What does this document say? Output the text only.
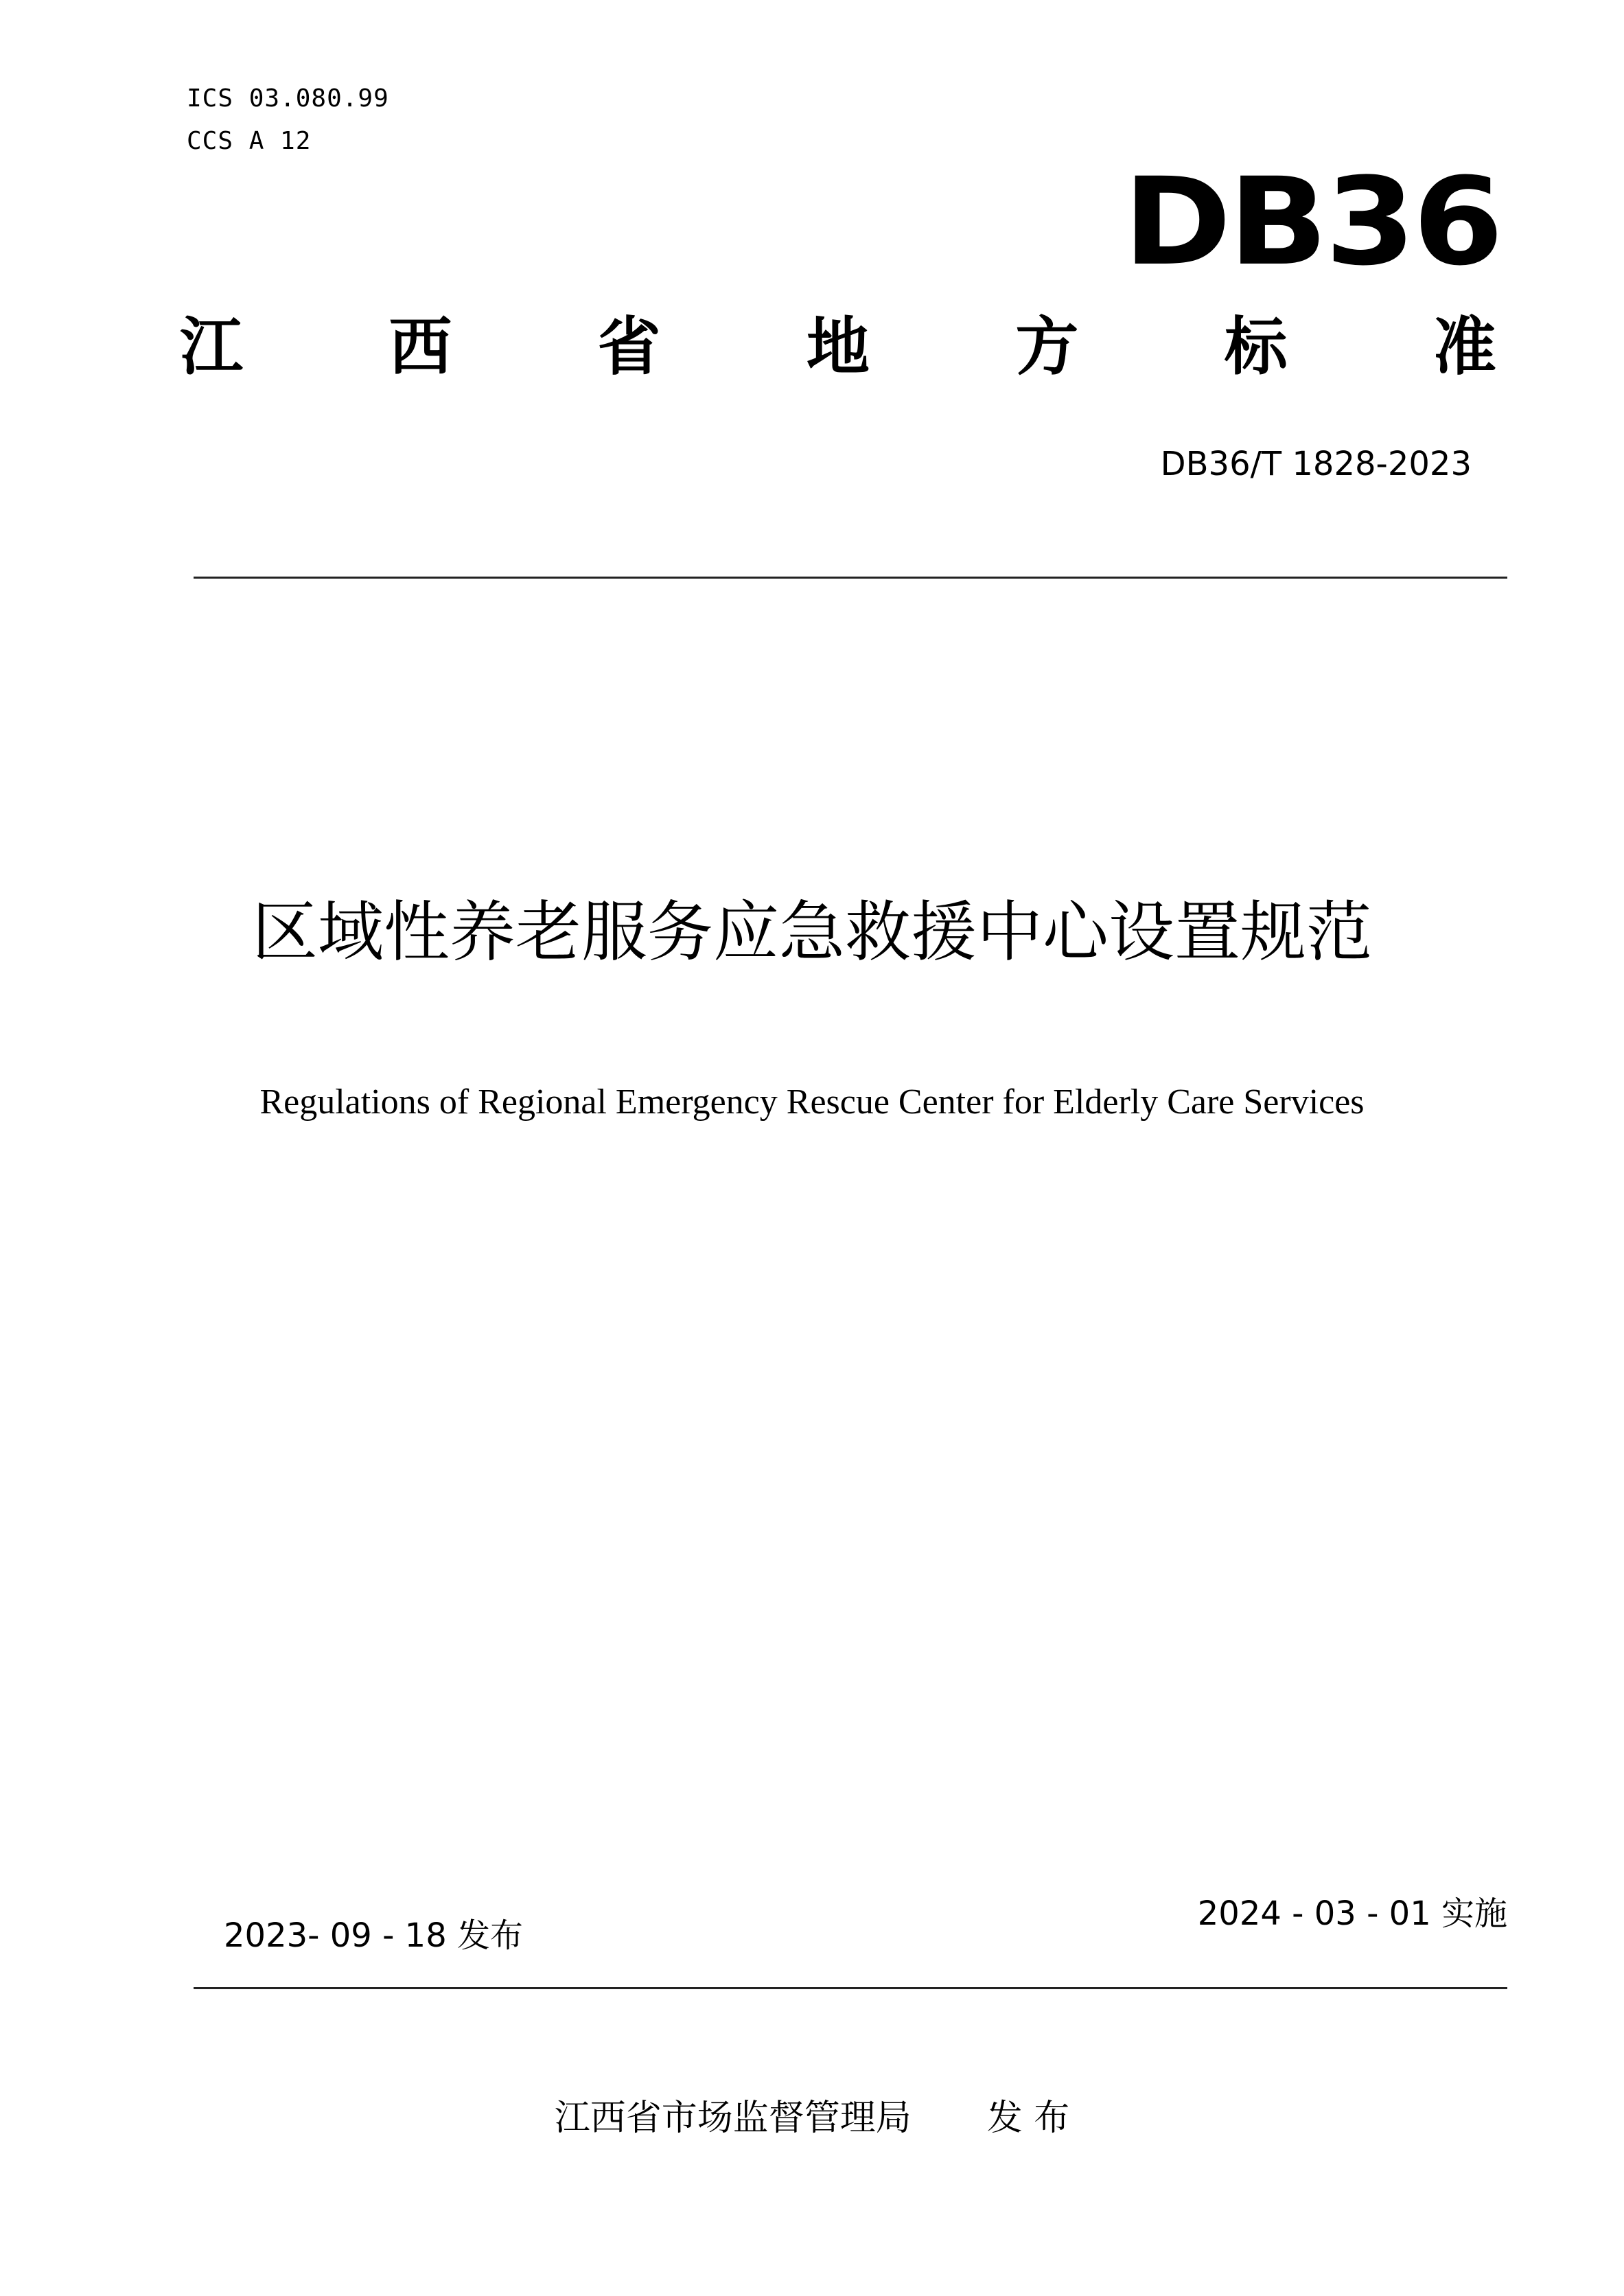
ICS 03.080.99
CCS A 12
DB36
江 西 省 地 方 标 准
DB36/T 1828-2023
区域性养老服务应急救援中心设置规范
Regulations of Regional Emergency Rescue Center for Elderly Care Services
2023- 09 - 18 发布
2024 - 03 - 01 实施
江西省市场监督管理局 发 布
